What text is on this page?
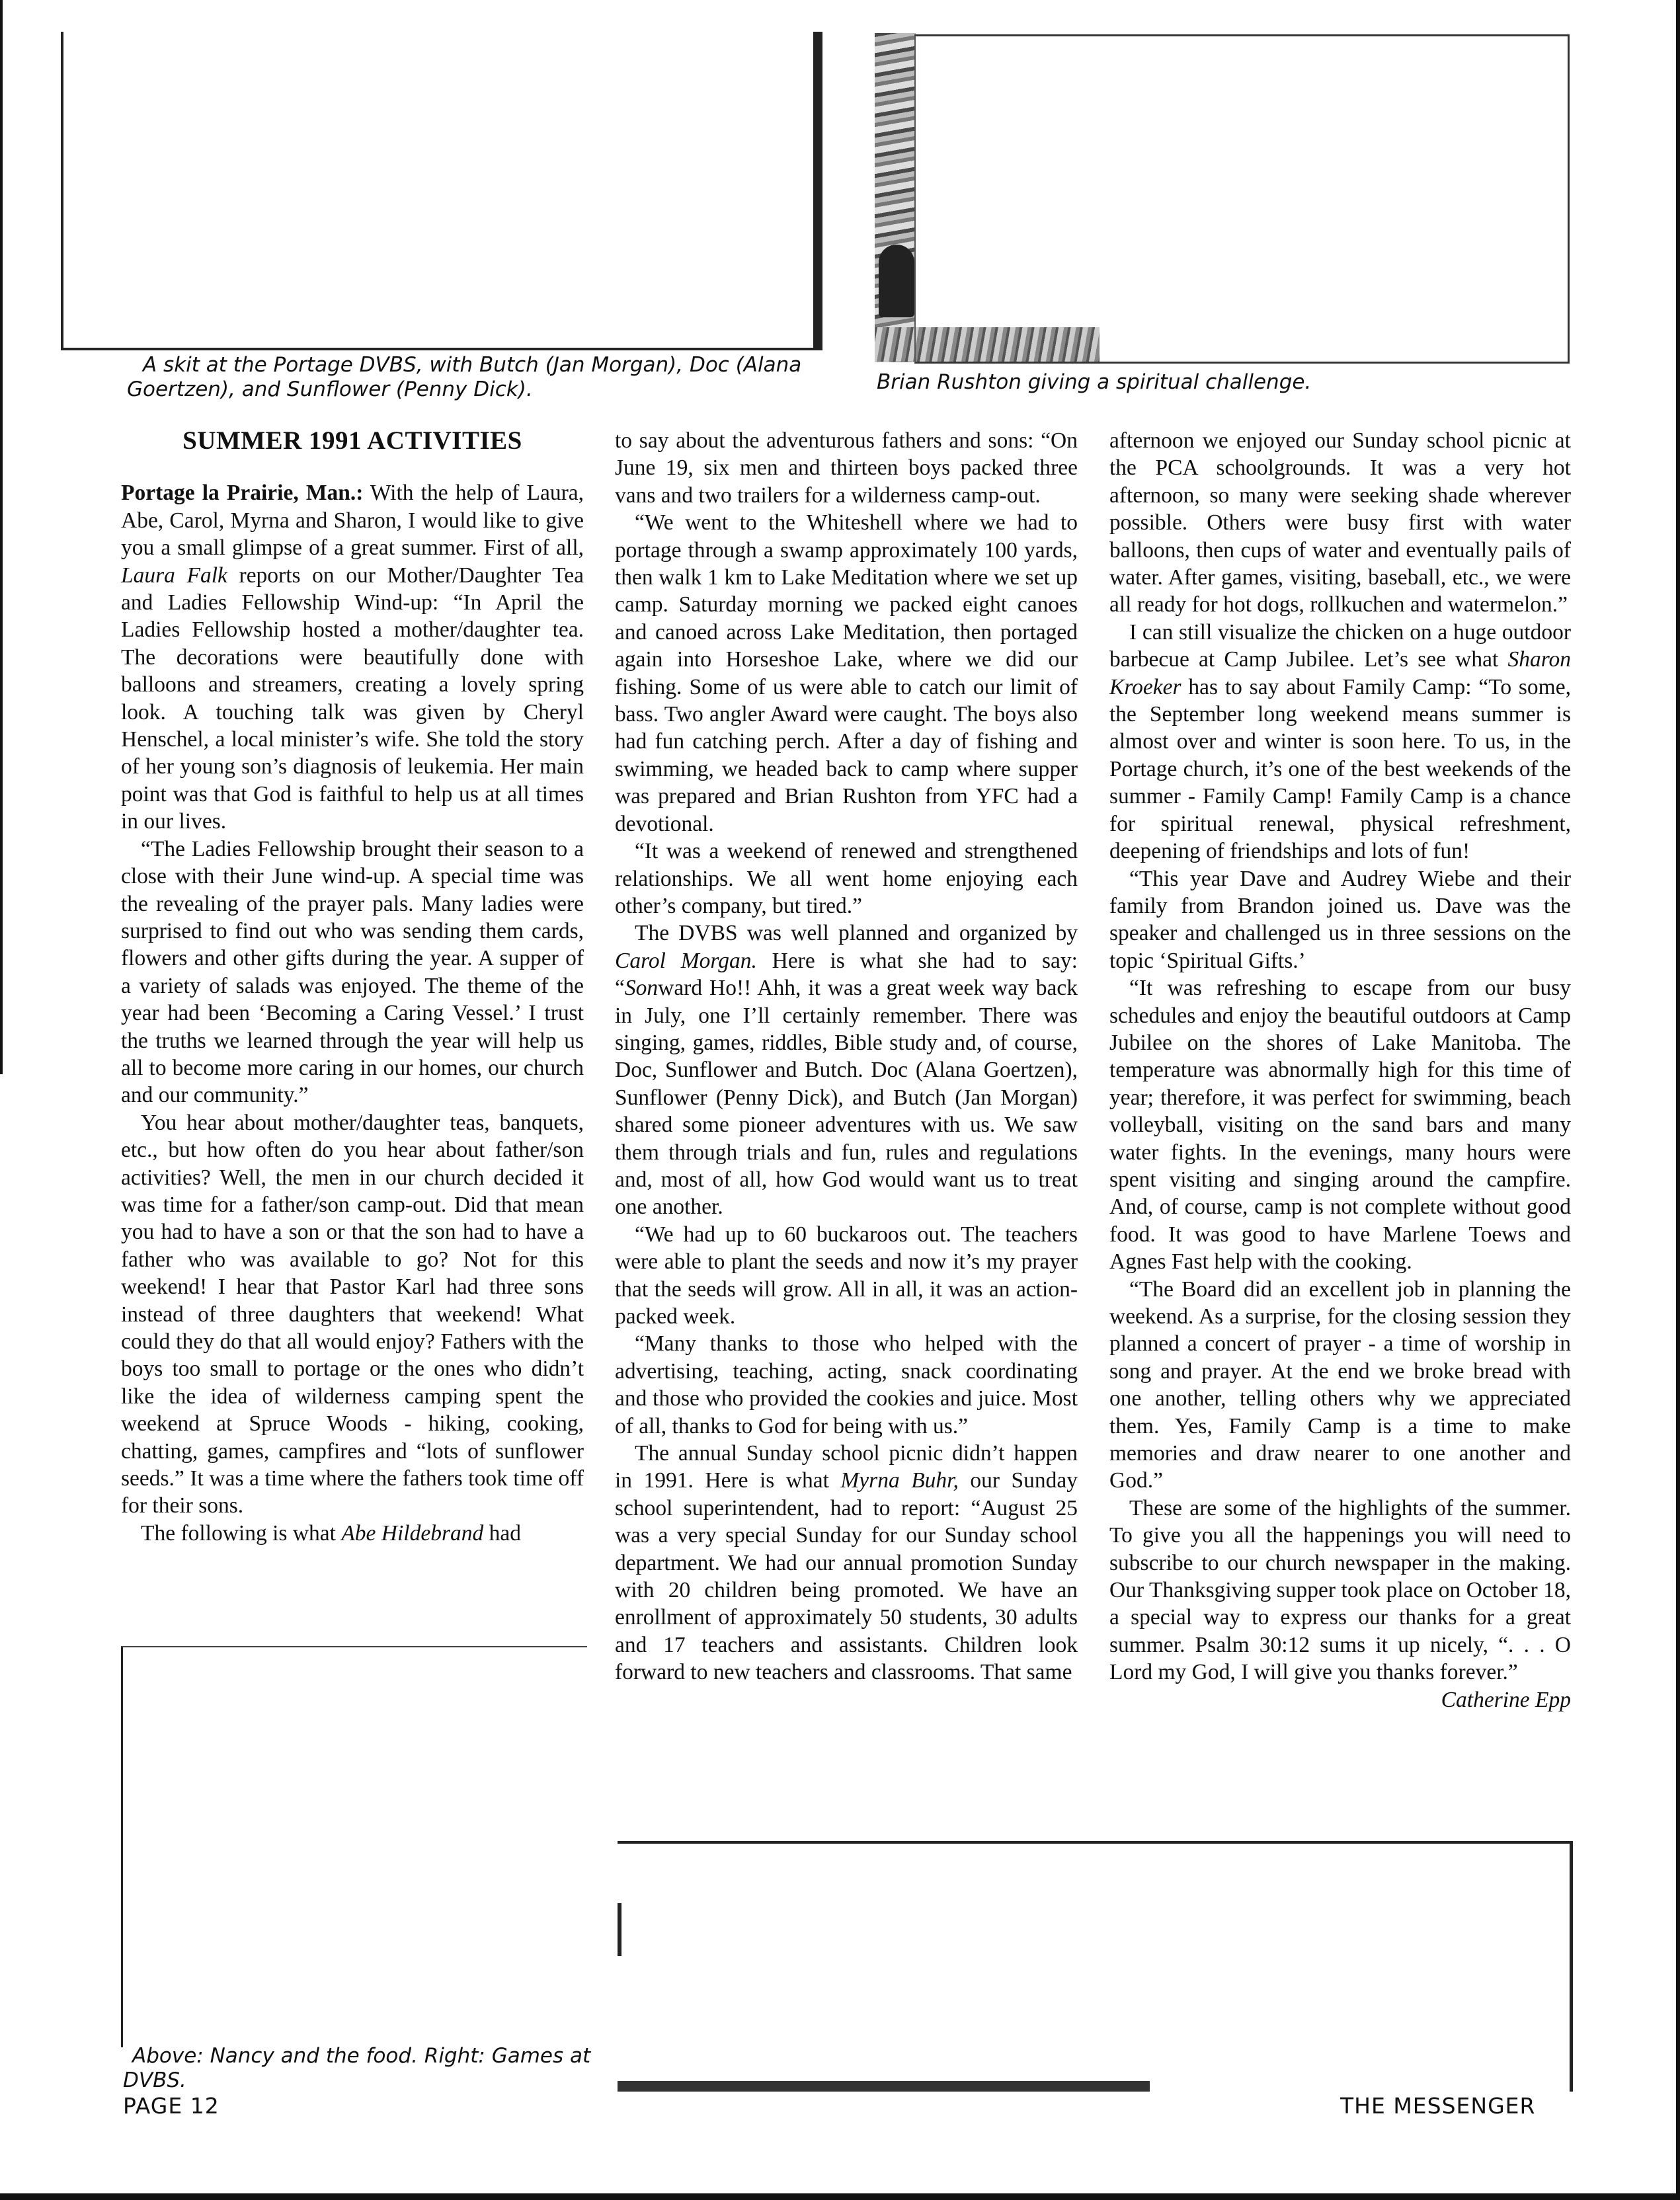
A skit at the Portage DVBS, with Butch (Jan Morgan), Doc (Alana Goertzen), and Sunflower (Penny Dick).	Brian Rushton giving a spiritual challenge.

SUMMER 1991 ACTIVITIES

Portage la Prairie, Man.: With the help of Laura, Abe, Carol, Myrna and Sharon, I would like to give you a small glimpse of a great summer. First of all, Laura Falk reports on our Mother/Daughter Tea and Ladies Fellowship Wind-up: “In April the Ladies Fellowship hosted a mother/daughter tea. The decorations were beautifully done with balloons and streamers, creating a lovely spring look. A touching talk was given by Cheryl Henschel, a local minister’s wife. She told the story of her young son’s diagnosis of leukemia. Her main point was that God is faithful to help us at all times in our lives.

“The Ladies Fellowship brought their season to a close with their June wind-up. A special time was the revealing of the prayer pals. Many ladies were surprised to find out who was sending them cards, flowers and other gifts during the year. A supper of a variety of salads was enjoyed. The theme of the year had been ‘Becoming a Caring Vessel.’ I trust the truths we learned through the year will help us all to become more caring in our homes, our church and our community.”

You hear about mother/daughter teas, banquets, etc., but how often do you hear about father/son activities? Well, the men in our church decided it was time for a father/son camp-out. Did that mean you had to have a son or that the son had to have a father who was available to go? Not for this weekend! I hear that Pastor Karl had three sons instead of three daughters that weekend! What could they do that all would enjoy? Fathers with the boys too small to portage or the ones who didn’t like the idea of wilderness camping spent the weekend at Spruce Woods - hiking, cooking, chatting, games, campfires and “lots of sunflower seeds.” It was a time where the fathers took time off for their sons.

The following is what Abe Hildebrand had

Above: Nancy and the food. Right: Games at DVBS.

to say about the adventurous fathers and sons: “On June 19, six men and thirteen boys packed three vans and two trailers for a wilderness camp-out.

“We went to the Whiteshell where we had to portage through a swamp approximately 100 yards, then walk 1 km to Lake Meditation where we set up camp. Saturday morning we packed eight canoes and canoed across Lake Meditation, then portaged again into Horseshoe Lake, where we did our fishing. Some of us were able to catch our limit of bass. Two angler Award were caught. The boys also had fun catching perch. After a day of fishing and swimming, we headed back to camp where supper was prepared and Brian Rushton from YFC had a devotional.

“It was a weekend of renewed and strengthened relationships. We all went home enjoying each other’s company, but tired.”

The DVBS was well planned and organized by Carol Morgan. Here is what she had to say: “Sonward Ho!! Ahh, it was a great week way back in July, one I’ll certainly remember. There was singing, games, riddles, Bible study and, of course, Doc, Sunflower and Butch. Doc (Alana Goertzen), Sunflower (Penny Dick), and Butch (Jan Morgan) shared some pioneer adventures with us. We saw them through trials and fun, rules and regulations and, most of all, how God would want us to treat one another.

“We had up to 60 buckaroos out. The teachers were able to plant the seeds and now it’s my prayer that the seeds will grow. All in all, it was an action-packed week.

“Many thanks to those who helped with the advertising, teaching, acting, snack coordinating and those who provided the cookies and juice. Most of all, thanks to God for being with us.”

The annual Sunday school picnic didn’t happen in 1991. Here is what Myrna Buhr, our Sunday school superintendent, had to report: “August 25 was a very special Sunday for our Sunday school department. We had our annual promotion Sunday with 20 children being promoted. We have an enrollment of approximately 50 students, 30 adults and 17 teachers and assistants. Children look forward to new teachers and classrooms. That same

afternoon we enjoyed our Sunday school picnic at the PCA schoolgrounds. It was a very hot afternoon, so many were seeking shade wherever possible. Others were busy first with water balloons, then cups of water and eventually pails of water. After games, visiting, baseball, etc., we were all ready for hot dogs, rollkuchen and watermelon.”

I can still visualize the chicken on a huge outdoor barbecue at Camp Jubilee. Let’s see what Sharon Kroeker has to say about Family Camp: “To some, the September long weekend means summer is almost over and winter is soon here. To us, in the Portage church, it’s one of the best weekends of the summer - Family Camp! Family Camp is a chance for spiritual renewal, physical refreshment, deepening of friendships and lots of fun!

“This year Dave and Audrey Wiebe and their family from Brandon joined us. Dave was the speaker and challenged us in three sessions on the topic ‘Spiritual Gifts.’

“It was refreshing to escape from our busy schedules and enjoy the beautiful outdoors at Camp Jubilee on the shores of Lake Manitoba. The temperature was abnormally high for this time of year; therefore, it was perfect for swimming, beach volleyball, visiting on the sand bars and many water fights. In the evenings, many hours were spent visiting and singing around the campfire. And, of course, camp is not complete without good food. It was good to have Marlene Toews and Agnes Fast help with the cooking.

“The Board did an excellent job in planning the weekend. As a surprise, for the closing session they planned a concert of prayer - a time of worship in song and prayer. At the end we broke bread with one another, telling others why we appreciated them. Yes, Family Camp is a time to make memories and draw nearer to one another and God.”

These are some of the highlights of the summer. To give you all the happenings you will need to subscribe to our church newspaper in the making. Our Thanksgiving supper took place on October 18, a special way to express our thanks for a great summer. Psalm 30:12 sums it up nicely, “. . . O Lord my God, I will give you thanks forever.”

Catherine Epp

PAGE 12	THE MESSENGER
